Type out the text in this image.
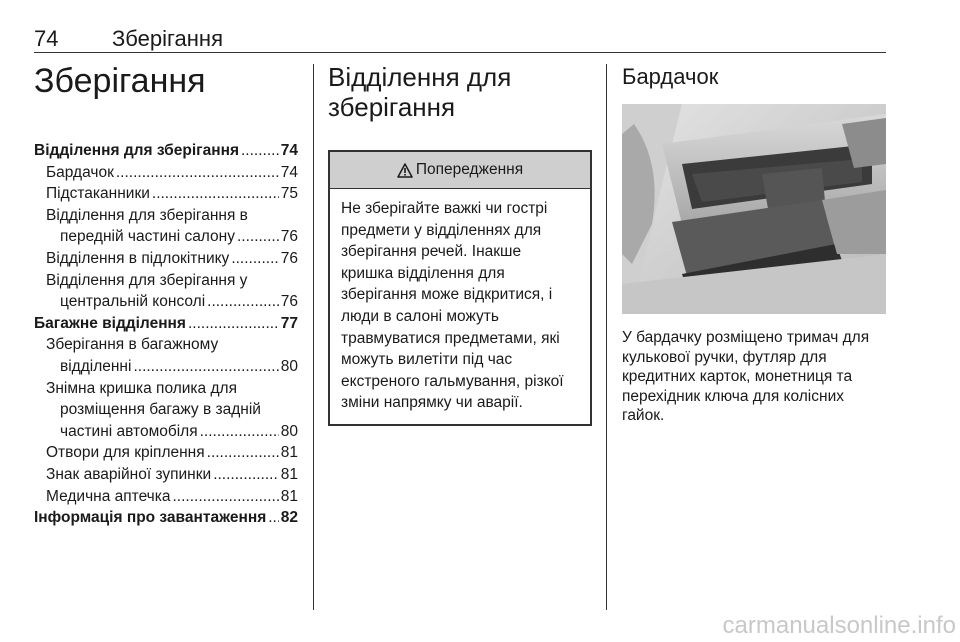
74 Зберігання
Зберігання
Відділення для зберігання .....	74
Бардачок .....	74
Підстаканники .....	75
Відділення для зберігання в
передній частині салону .....	76
Відділення в підлокітнику .....	76
Відділення для зберігання у
центральній консолі .....	76
Багажне відділення .....	77
Зберігання в багажному
відділенні .....	80
Знімна кришка полика для
розміщення багажу в задній
частині автомобіля .....	80
Отвори для кріплення .....	81
Знак аварійної зупинки .....	81
Медична аптечка .....	81
Інформація про завантаження ..... 82
Відділення для
зберігання
Попередження
Не зберігайте важкі чи гострі
предмети у відділеннях для
зберігання речей. Інакше
кришка відділення для
зберігання може відкритися, і
люди в салоні можуть
травмуватися предметами, які
можуть вилетіти під час
екстреного гальмування, різкої
зміни напрямку чи аварії.
Бардачок
У бардачку розміщено тримач для
кулькової ручки, футляр для
кредитних карток, монетниця та
перехідник ключа для колісних
гайок.
carmanualsonline.info
